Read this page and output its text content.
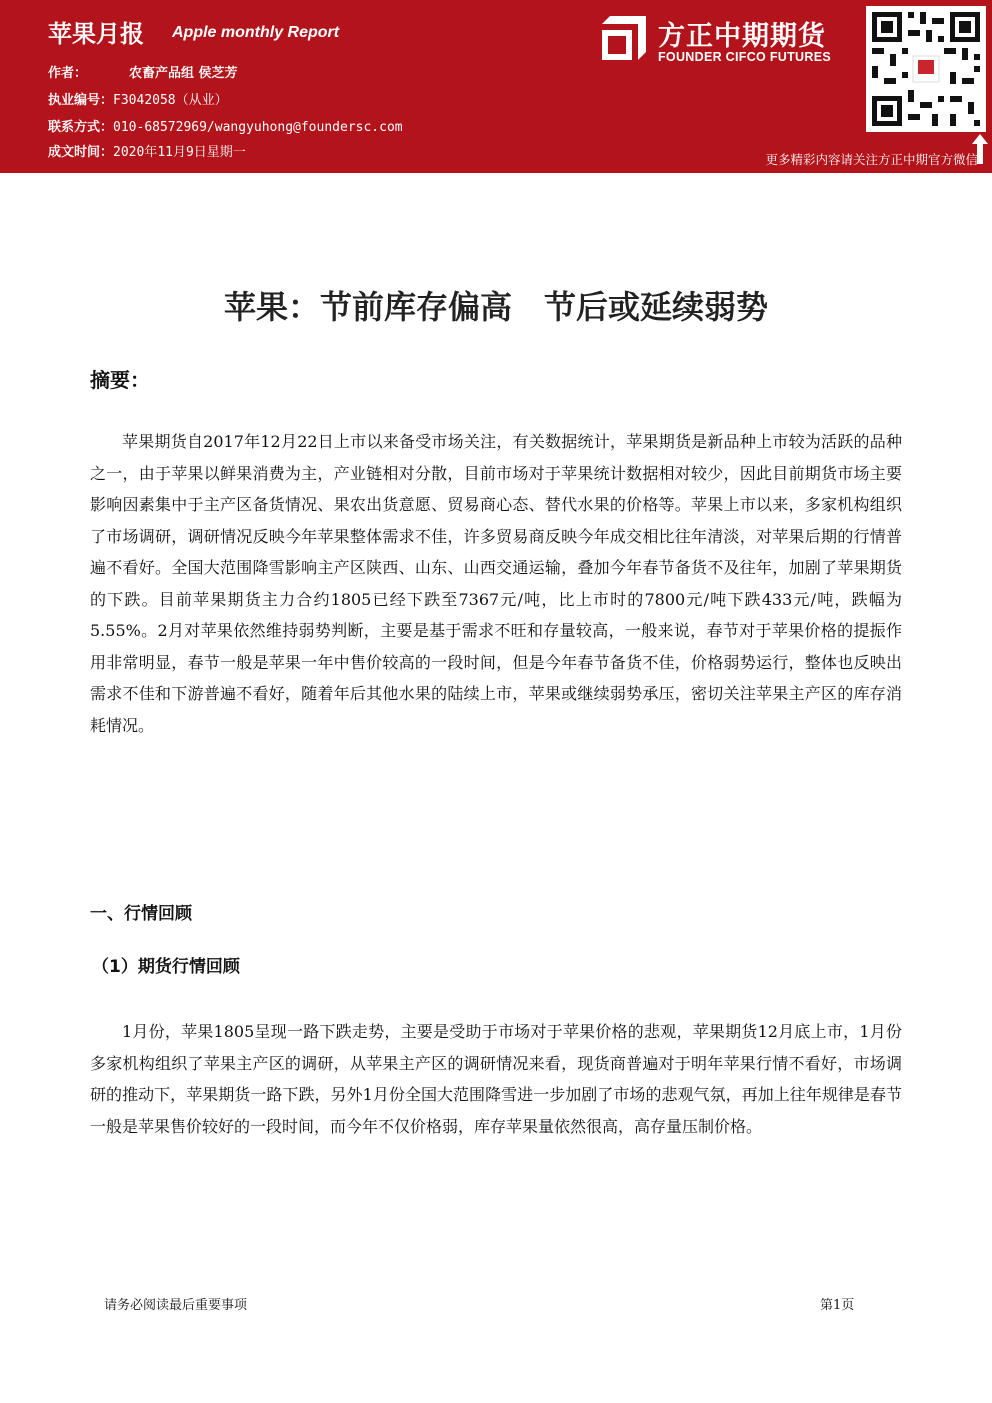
苹果月报 Apple monthly Report
作者：	农畜产品组 侯芝芳
执业编号：F3042058（从业）
联系方式：010-68572969/wangyuhong@foundersc.com
成文时间：2020年11月9日星期一
方正中期期货
FOUNDER CIFCO FUTURES
更多精彩内容请关注方正中期官方微信
苹果：节前库存偏高　节后或延续弱势
摘要：

苹果期货自2017年12月22日上市以来备受市场关注，有关数据统计，苹果期货是新品种上市较为活跃的品种之一，由于苹果以鲜果消费为主，产业链相对分散，目前市场对于苹果统计数据相对较少，因此目前期货市场主要影响因素集中于主产区备货情况、果农出货意愿、贸易商心态、替代水果的价格等。苹果上市以来，多家机构组织了市场调研，调研情况反映今年苹果整体需求不佳，许多贸易商反映今年成交相比往年清淡，对苹果后期的行情普遍不看好。全国大范围降雪影响主产区陕西、山东、山西交通运输，叠加今年春节备货不及往年，加剧了苹果期货的下跌。目前苹果期货主力合约1805已经下跌至7367元/吨，比上市时的7800元/吨下跌433元/吨，跌幅为5.55%。2月对苹果依然维持弱势判断，主要是基于需求不旺和存量较高，一般来说，春节对于苹果价格的提振作用非常明显，春节一般是苹果一年中售价较高的一段时间，但是今年春节备货不佳，价格弱势运行，整体也反映出需求不佳和下游普遍不看好，随着年后其他水果的陆续上市，苹果或继续弱势承压，密切关注苹果主产区的库存消耗情况。

一、行情回顾
（1）期货行情回顾

1月份，苹果1805呈现一路下跌走势，主要是受助于市场对于苹果价格的悲观，苹果期货12月底上市，1月份多家机构组织了苹果主产区的调研，从苹果主产区的调研情况来看，现货商普遍对于明年苹果行情不看好，市场调研的推动下，苹果期货一路下跌，另外1月份全国大范围降雪进一步加剧了市场的悲观气氛，再加上往年规律是春节一般是苹果售价较好的一段时间，而今年不仅价格弱，库存苹果量依然很高，高存量压制价格。

请务必阅读最后重要事项	第1页
